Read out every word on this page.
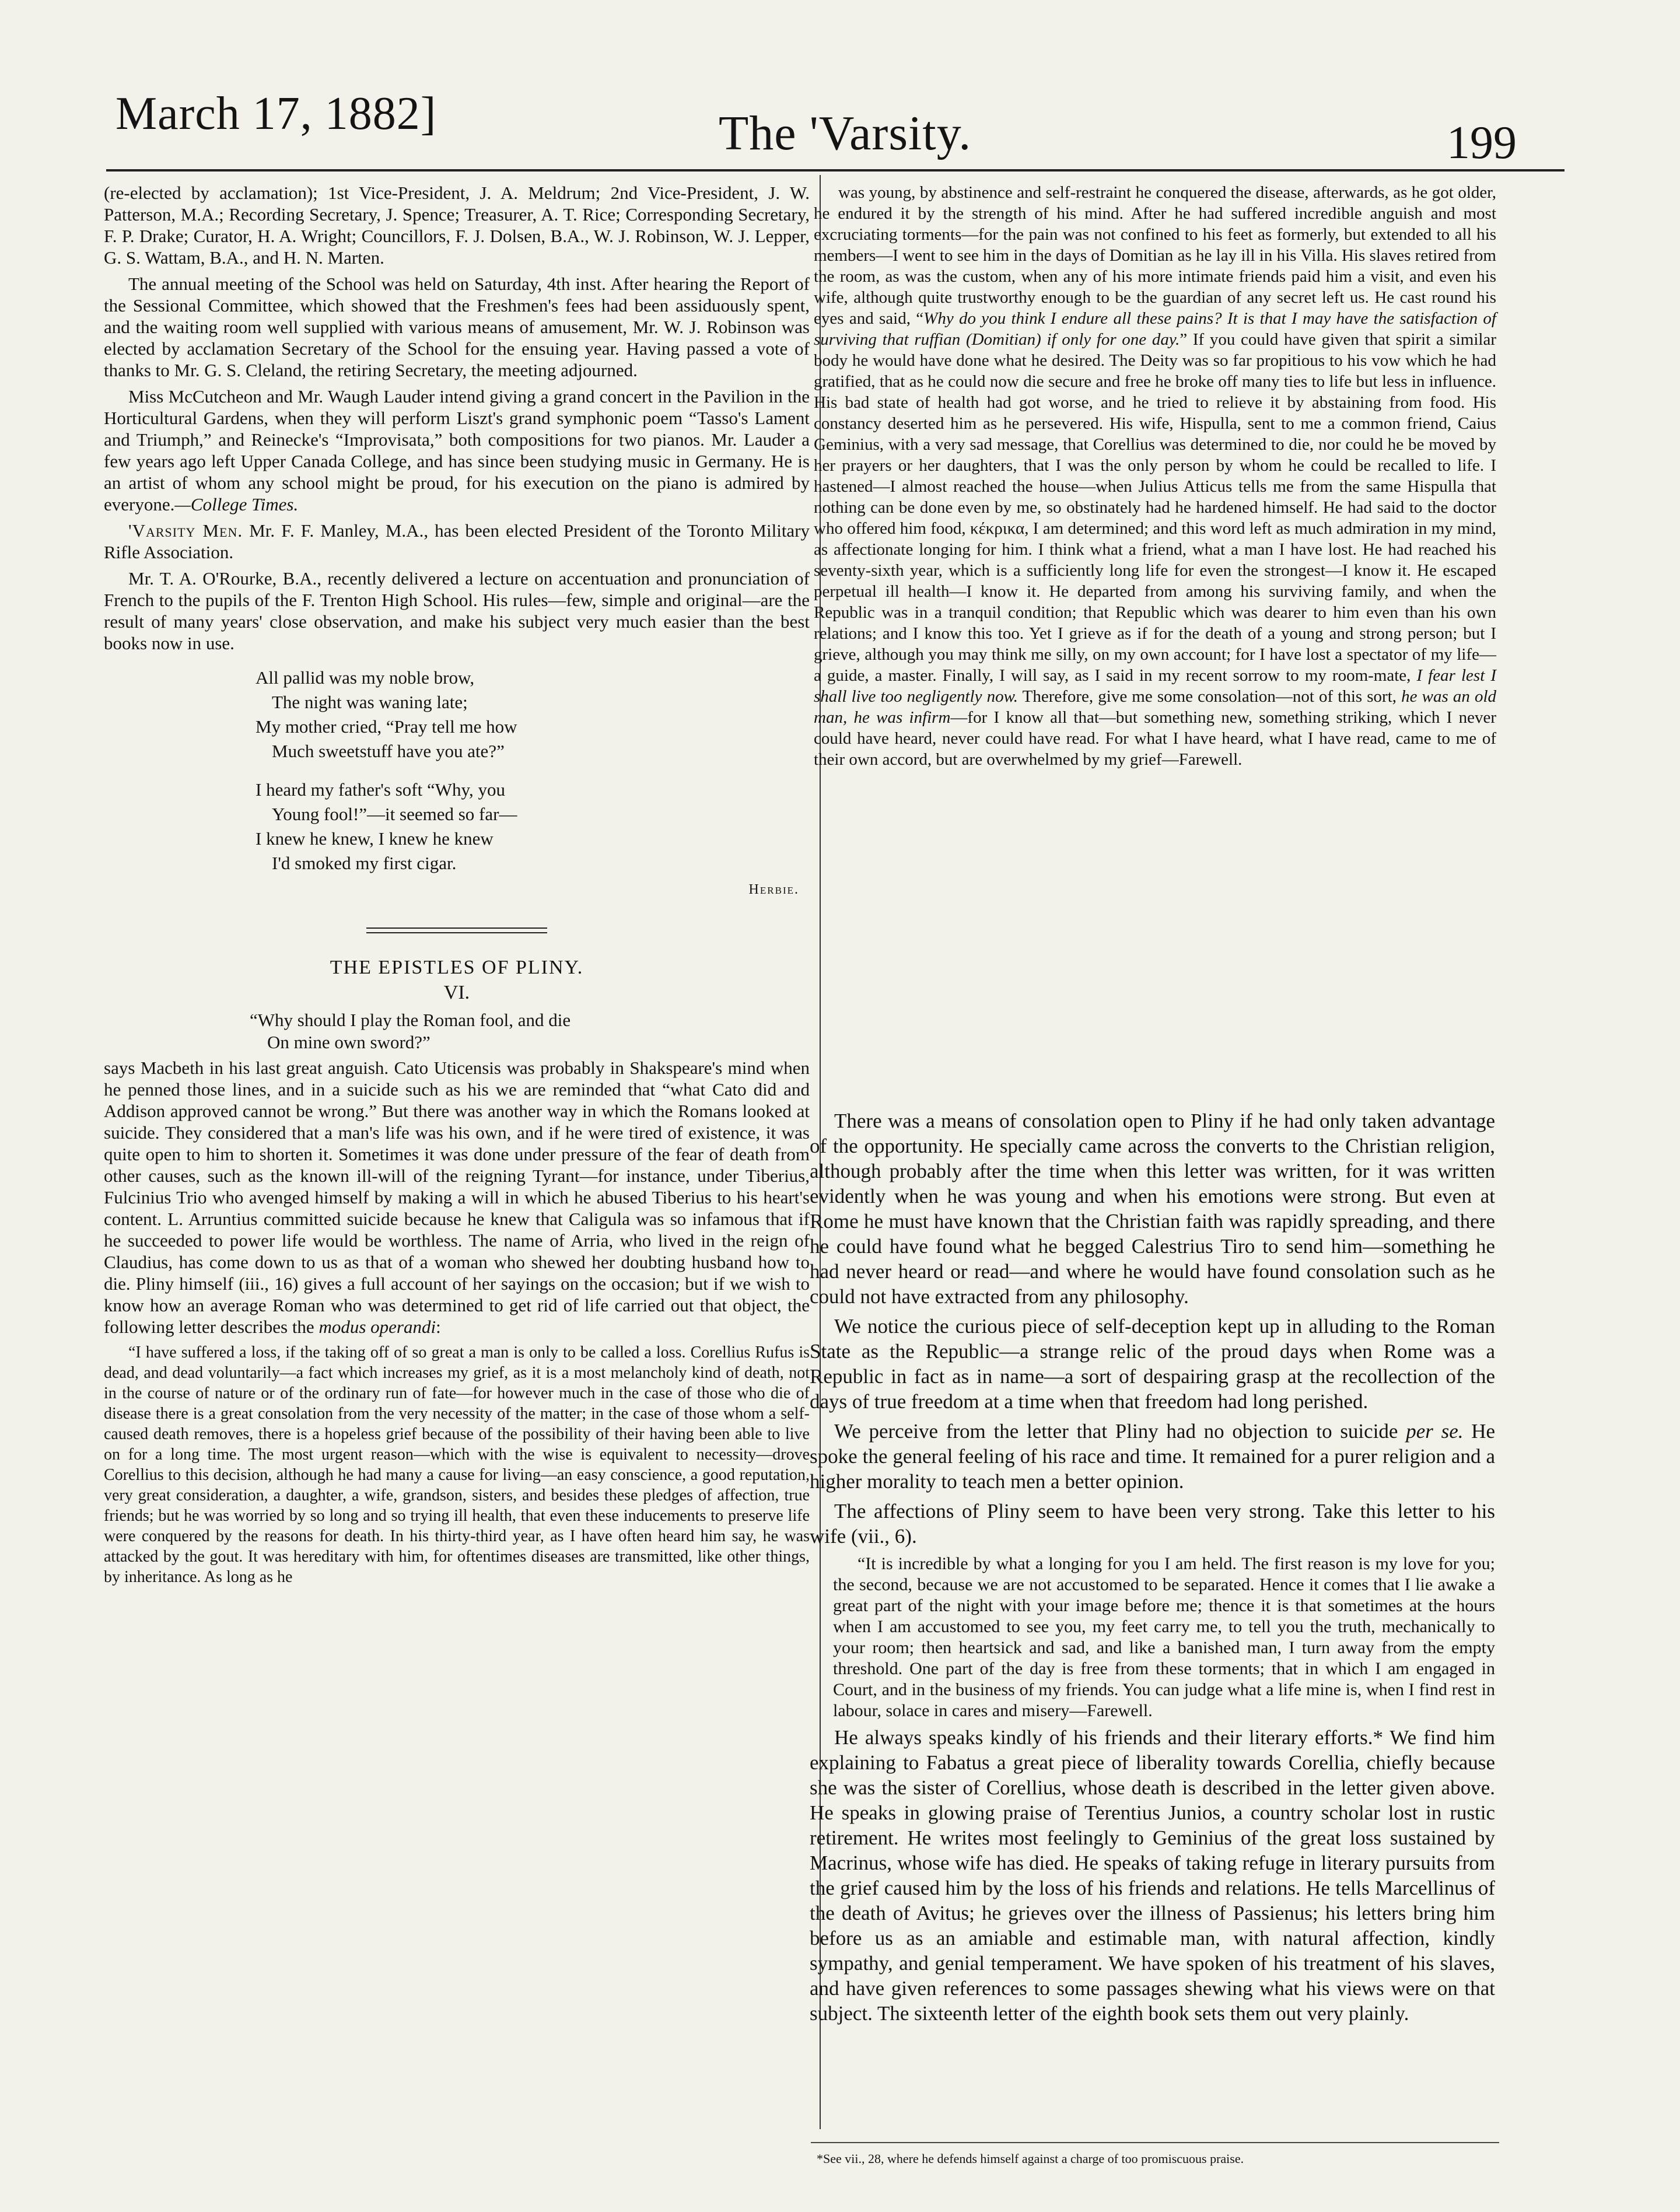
March 17, 1882]	The 'Varsity.	199

(re-elected by acclamation); 1st Vice-President, J. A. Meldrum; 2nd Vice-President, J. W. Patterson, M.A.; Recording Secretary, J. Spence; Treasurer, A. T. Rice; Corresponding Secretary, F. P. Drake; Curator, H. A. Wright; Councillors, F. J. Dolsen, B.A., W. J. Robinson, W. J. Lepper, G. S. Wattam, B.A., and H. N. Marten.

The annual meeting of the School was held on Saturday, 4th inst. After hearing the Report of the Sessional Committee, which showed that the Freshmen's fees had been assiduously spent, and the waiting room well supplied with various means of amusement, Mr. W. J. Robinson was elected by acclamation Secretary of the School for the ensuing year. Having passed a vote of thanks to Mr. G. S. Cleland, the retiring Secretary, the meeting adjourned.

Miss McCutcheon and Mr. Waugh Lauder intend giving a grand concert in the Pavilion in the Horticultural Gardens, when they will perform Liszt's grand symphonic poem “Tasso's Lament and Triumph,” and Reinecke's “Improvisata,” both compositions for two pianos. Mr. Lauder a few years ago left Upper Canada College, and has since been studying music in Germany. He is an artist of whom any school might be proud, for his execution on the piano is admired by everyone.—College Times.

'Varsity Men. Mr. F. F. Manley, M.A., has been elected President of the Toronto Military Rifle Association.

Mr. T. A. O'Rourke, B.A., recently delivered a lecture on accentuation and pronunciation of French to the pupils of the F. Trenton High School. His rules—few, simple and original—are the result of many years' close observation, and make his subject very much easier than the best books now in use.

All pallid was my noble brow,
The night was waning late;
My mother cried, “Pray tell me how
Much sweetstuff have you ate?”
I heard my father's soft “Why, you
Young fool!”—it seemed so far—
I knew he knew, I knew he knew
I'd smoked my first cigar.
Herbie.
THE EPISTLES OF PLINY.
VI.
“Why should I play the Roman fool, and die
On mine own sword?”

says Macbeth in his last great anguish. Cato Uticensis was probably in Shakspeare's mind when he penned those lines, and in a suicide such as his we are reminded that “what Cato did and Addison approved cannot be wrong.” But there was another way in which the Romans looked at suicide. They considered that a man's life was his own, and if he were tired of existence, it was quite open to him to shorten it. Sometimes it was done under pressure of the fear of death from other causes, such as the known ill-will of the reigning Tyrant—for instance, under Tiberius, Fulcinius Trio who avenged himself by making a will in which he abused Tiberius to his heart's content. L. Arruntius committed suicide because he knew that Caligula was so infamous that if he succeeded to power life would be worthless. The name of Arria, who lived in the reign of Claudius, has come down to us as that of a woman who shewed her doubting husband how to die. Pliny himself (iii., 16) gives a full account of her sayings on the occasion; but if we wish to know how an average Roman who was determined to get rid of life carried out that object, the following letter describes the modus operandi:

“I have suffered a loss, if the taking off of so great a man is only to be called a loss. Corellius Rufus is dead, and dead voluntarily—a fact which increases my grief, as it is a most melancholy kind of death, not in the course of nature or of the ordinary run of fate—for however much in the case of those who die of disease there is a great consolation from the very necessity of the matter; in the case of those whom a self-caused death removes, there is a hopeless grief because of the possibility of their having been able to live on for a long time. The most urgent reason—which with the wise is equivalent to necessity—drove Corellius to this decision, although he had many a cause for living—an easy conscience, a good reputation, very great consideration, a daughter, a wife, grandson, sisters, and besides these pledges of affection, true friends; but he was worried by so long and so trying ill health, that even these inducements to preserve life were conquered by the reasons for death. In his thirty-third year, as I have often heard him say, he was attacked by the gout. It was hereditary with him, for oftentimes diseases are transmitted, like other things, by inheritance. As long as he

was young, by abstinence and self-restraint he conquered the disease, afterwards, as he got older, he endured it by the strength of his mind. After he had suffered incredible anguish and most excruciating torments—for the pain was not confined to his feet as formerly, but extended to all his members—I went to see him in the days of Domitian as he lay ill in his Villa. His slaves retired from the room, as was the custom, when any of his more intimate friends paid him a visit, and even his wife, although quite trustworthy enough to be the guardian of any secret left us. He cast round his eyes and said, “Why do you think I endure all these pains? It is that I may have the satisfaction of surviving that ruffian (Domitian) if only for one day.” If you could have given that spirit a similar body he would have done what he desired. The Deity was so far propitious to his vow which he had gratified, that as he could now die secure and free he broke off many ties to life but less in influence. His bad state of health had got worse, and he tried to relieve it by abstaining from food. His constancy deserted him as he persevered. His wife, Hispulla, sent to me a common friend, Caius Geminius, with a very sad message, that Corellius was determined to die, nor could he be moved by her prayers or her daughters, that I was the only person by whom he could be recalled to life. I hastened—I almost reached the house—when Julius Atticus tells me from the same Hispulla that nothing can be done even by me, so obstinately had he hardened himself. He had said to the doctor who offered him food, κέκρικα, I am determined; and this word left as much admiration in my mind, as affectionate longing for him. I think what a friend, what a man I have lost. He had reached his seventy-sixth year, which is a sufficiently long life for even the strongest—I know it. He escaped perpetual ill health—I know it. He departed from among his surviving family, and when the Republic was in a tranquil condition; that Republic which was dearer to him even than his own relations; and I know this too. Yet I grieve as if for the death of a young and strong person; but I grieve, although you may think me silly, on my own account; for I have lost a spectator of my life—a guide, a master. Finally, I will say, as I said in my recent sorrow to my room-mate, I fear lest I shall live too negligently now. Therefore, give me some consolation—not of this sort, he was an old man, he was infirm—for I know all that—but something new, something striking, which I never could have heard, never could have read. For what I have heard, what I have read, came to me of their own accord, but are overwhelmed by my grief—Farewell.

There was a means of consolation open to Pliny if he had only taken advantage of the opportunity. He specially came across the converts to the Christian religion, although probably after the time when this letter was written, for it was written evidently when he was young and when his emotions were strong. But even at Rome he must have known that the Christian faith was rapidly spreading, and there he could have found what he begged Calestrius Tiro to send him—something he had never heard or read—and where he would have found consolation such as he could not have extracted from any philosophy.

We notice the curious piece of self-deception kept up in alluding to the Roman State as the Republic—a strange relic of the proud days when Rome was a Republic in fact as in name—a sort of despairing grasp at the recollection of the days of true freedom at a time when that freedom had long perished.

We perceive from the letter that Pliny had no objection to suicide per se. He spoke the general feeling of his race and time. It remained for a purer religion and a higher morality to teach men a better opinion.

The affections of Pliny seem to have been very strong. Take this letter to his wife (vii., 6).

“It is incredible by what a longing for you I am held. The first reason is my love for you; the second, because we are not accustomed to be separated. Hence it comes that I lie awake a great part of the night with your image before me; thence it is that sometimes at the hours when I am accustomed to see you, my feet carry me, to tell you the truth, mechanically to your room; then heartsick and sad, and like a banished man, I turn away from the empty threshold. One part of the day is free from these torments; that in which I am engaged in Court, and in the business of my friends. You can judge what a life mine is, when I find rest in labour, solace in cares and misery—Farewell.

He always speaks kindly of his friends and their literary efforts.* We find him explaining to Fabatus a great piece of liberality towards Corellia, chiefly because she was the sister of Corellius, whose death is described in the letter given above. He speaks in glowing praise of Terentius Junios, a country scholar lost in rustic retirement. He writes most feelingly to Geminius of the great loss sustained by Macrinus, whose wife has died. He speaks of taking refuge in literary pursuits from the grief caused him by the loss of his friends and relations. He tells Marcellinus of the death of Avitus; he grieves over the illness of Passienus; his letters bring him before us as an amiable and estimable man, with natural affection, kindly sympathy, and genial temperament. We have spoken of his treatment of his slaves, and have given references to some passages shewing what his views were on that subject. The sixteenth letter of the eighth book sets them out very plainly.

*See vii., 28, where he defends himself against a charge of too promiscuous praise.
